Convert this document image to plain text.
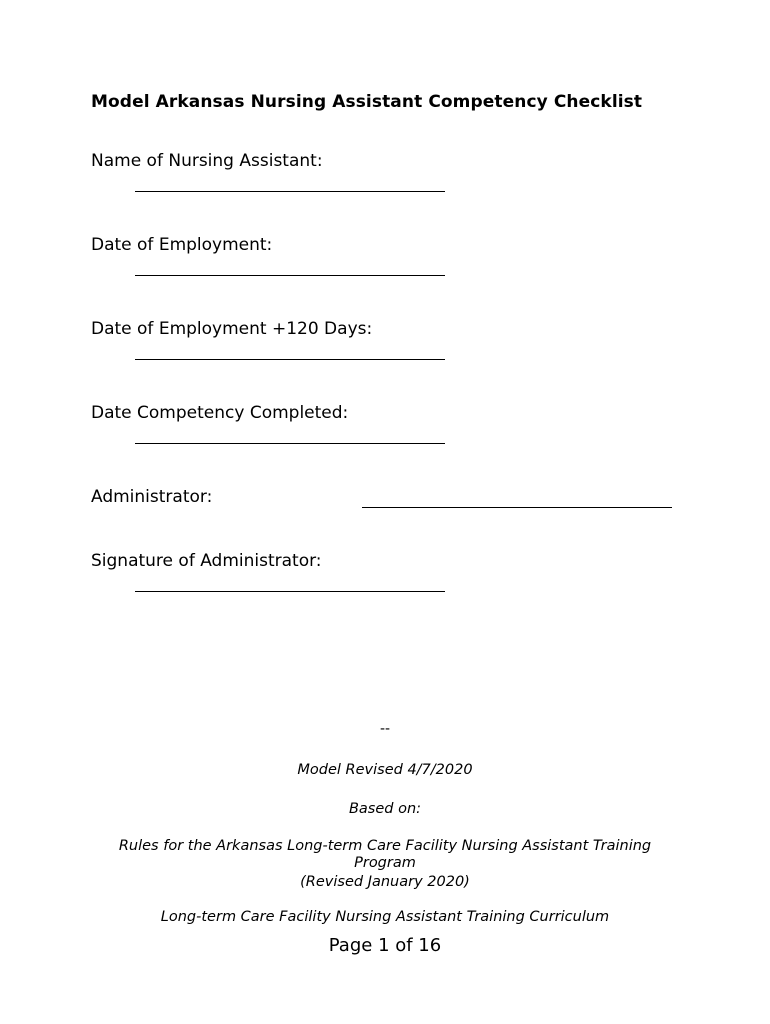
Model Arkansas Nursing Assistant Competency Checklist
Name of Nursing Assistant:
Date of Employment:
Date of Employment +120 Days:
Date Competency Completed:
Administrator:
Signature of Administrator:
--
Model Revised 4/7/2020
Based on:
Rules for the Arkansas Long-term Care Facility Nursing Assistant Training
Program
(Revised January 2020)
Long-term Care Facility Nursing Assistant Training Curriculum
Page 1 of 16
